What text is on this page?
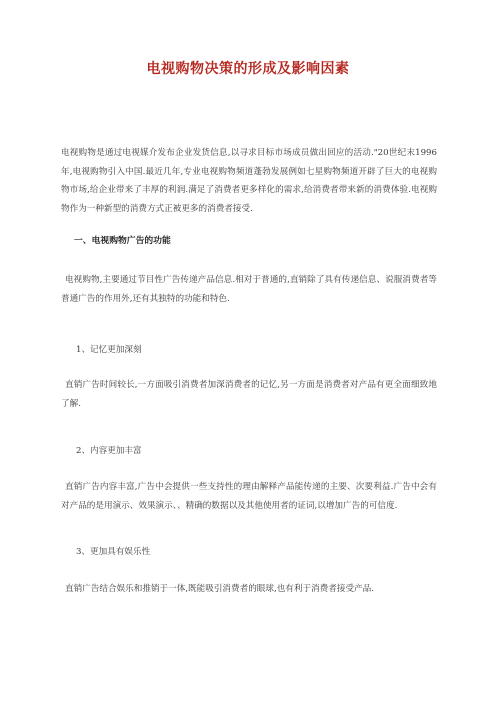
电视购物决策的形成及影响因素

电视购物是通过电视媒介发布企业发货信息,以寻求目标市场成员做出回应的活动."20世纪末1996年,电视购物引入中国.最近几年,专业电视购物频道蓬勃发展例如七星购物频道开辟了巨大的电视购物市场,给企业带来了丰厚的利润.满足了消费者更多样化的需求,给消费者带来新的消费体验.电视购物作为一种新型的消费方式正被更多的消费者接受.

一、电视购物广告的功能

电视购物,主要通过节目性广告传递产品信息.相对于普通的,直销除了具有传递信息、说服消费者等普通广告的作用外,还有其独特的功能和特色.

1、记忆更加深刻

直销广告时间较长,一方面吸引消费者加深消费者的记忆,另一方面是消费者对产品有更全面细致地了解.

2、内容更加丰富

直销广告内容丰富,广告中会提供一些支持性的理由解释产品能传递的主要、次要利益.广告中会有对产品的是用演示、效果演示、、精确的数据以及其他使用者的证词,以增加广告的可信度.

3、更加具有娱乐性

直销广告结合娱乐和推销于一体,既能吸引消费者的眼球,也有利于消费者接受产品.
